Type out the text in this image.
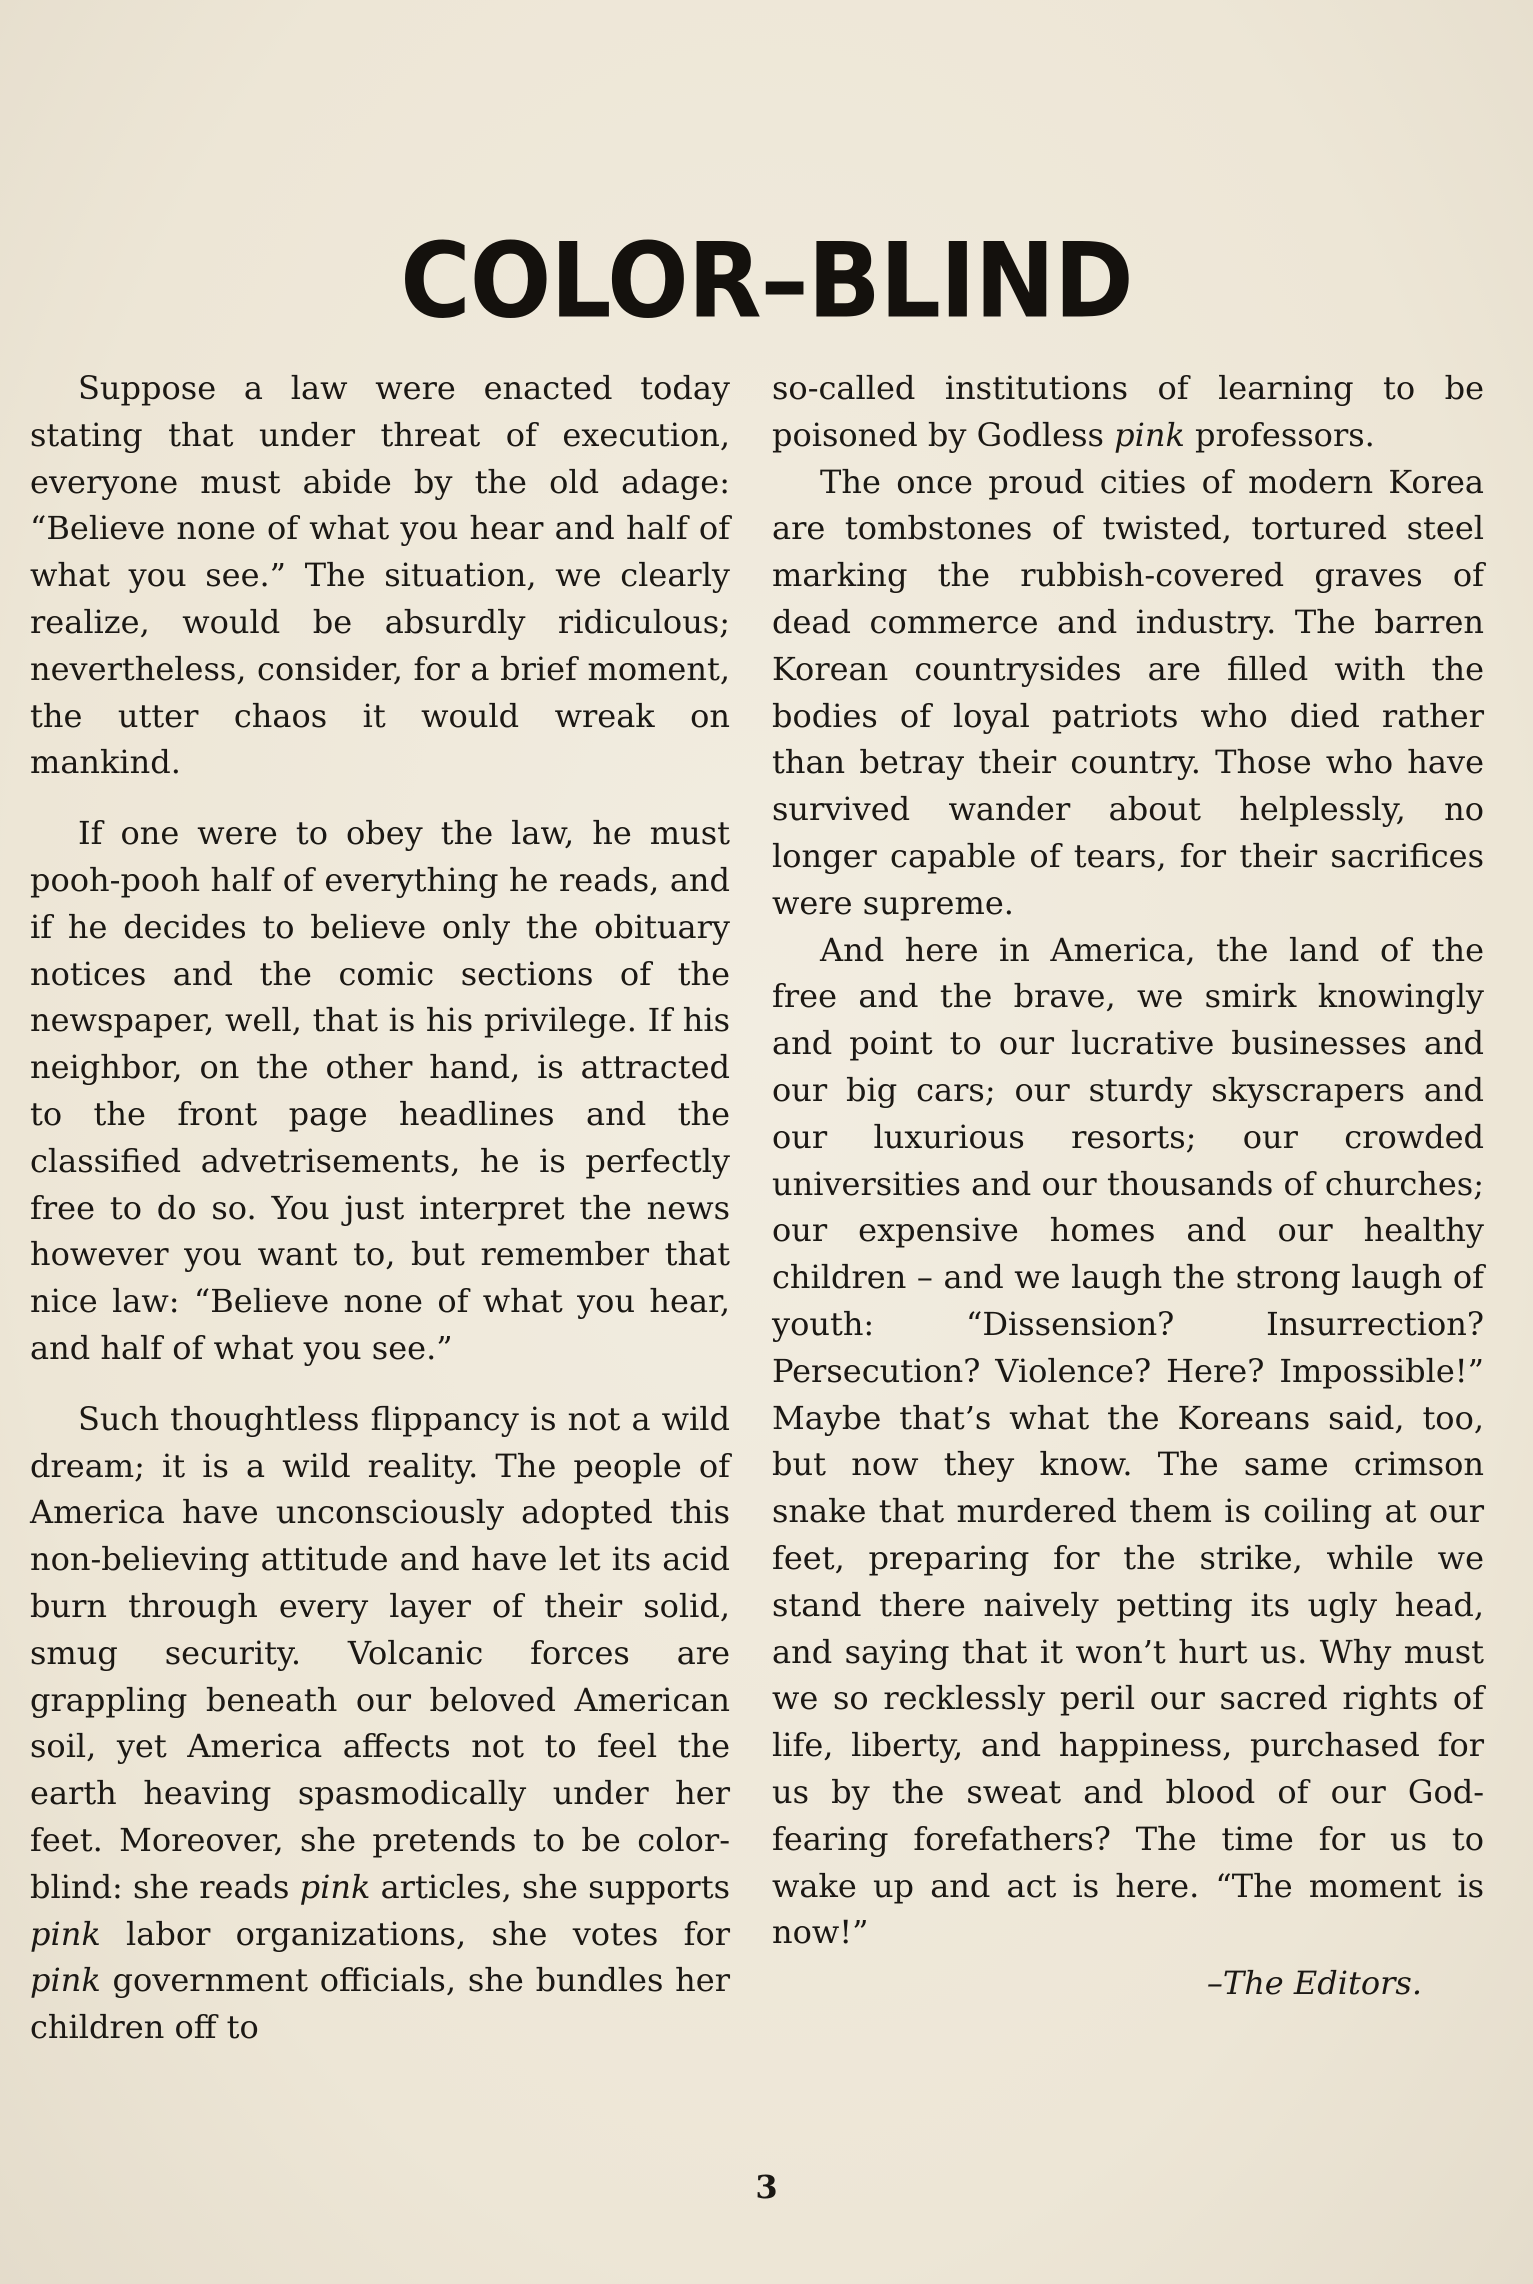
COLOR–BLIND

Suppose a law were enacted today stating that under threat of execution, everyone must abide by the old adage: “Believe none of what you hear and half of what you see.” The situation, we clearly realize, would be absurdly ridiculous; nevertheless, consider, for a brief moment, the utter chaos it would wreak on mankind.

If one were to obey the law, he must pooh-pooh half of everything he reads, and if he decides to believe only the obituary notices and the comic sections of the newspaper, well, that is his privilege. If his neighbor, on the other hand, is attracted to the front page headlines and the classified advetrisements, he is perfectly free to do so. You just interpret the news however you want to, but remember that nice law: “Believe none of what you hear, and half of what you see.”

Such thoughtless flippancy is not a wild dream; it is a wild reality. The people of America have unconsciously adopted this non-believing attitude and have let its acid burn through every layer of their solid, smug security. Volcanic forces are grappling beneath our beloved American soil, yet America affects not to feel the earth heaving spasmodically under her feet. Moreover, she pretends to be color-blind: she reads pink articles, she supports pink labor organizations, she votes for pink government officials, she bundles her children off to

so-called institutions of learning to be poisoned by Godless pink professors.

The once proud cities of modern Korea are tombstones of twisted, tortured steel marking the rubbish-covered graves of dead commerce and industry. The barren Korean countrysides are filled with the bodies of loyal patriots who died rather than betray their country. Those who have survived wander about helplessly, no longer capable of tears, for their sacrifices were supreme.

And here in America, the land of the free and the brave, we smirk knowingly and point to our lucrative businesses and our big cars; our sturdy skyscrapers and our luxurious resorts; our crowded universities and our thousands of churches; our expensive homes and our healthy children – and we laugh the strong laugh of youth: “Dissension? Insurrection? Persecution? Violence? Here? Impossible!” Maybe that’s what the Koreans said, too, but now they know. The same crimson snake that murdered them is coiling at our feet, preparing for the strike, while we stand there naively petting its ugly head, and saying that it won’t hurt us. Why must we so recklessly peril our sacred rights of life, liberty, and happiness, purchased for us by the sweat and blood of our God-fearing forefathers? The time for us to wake up and act is here. “The moment is now!”

–The Editors.
3
